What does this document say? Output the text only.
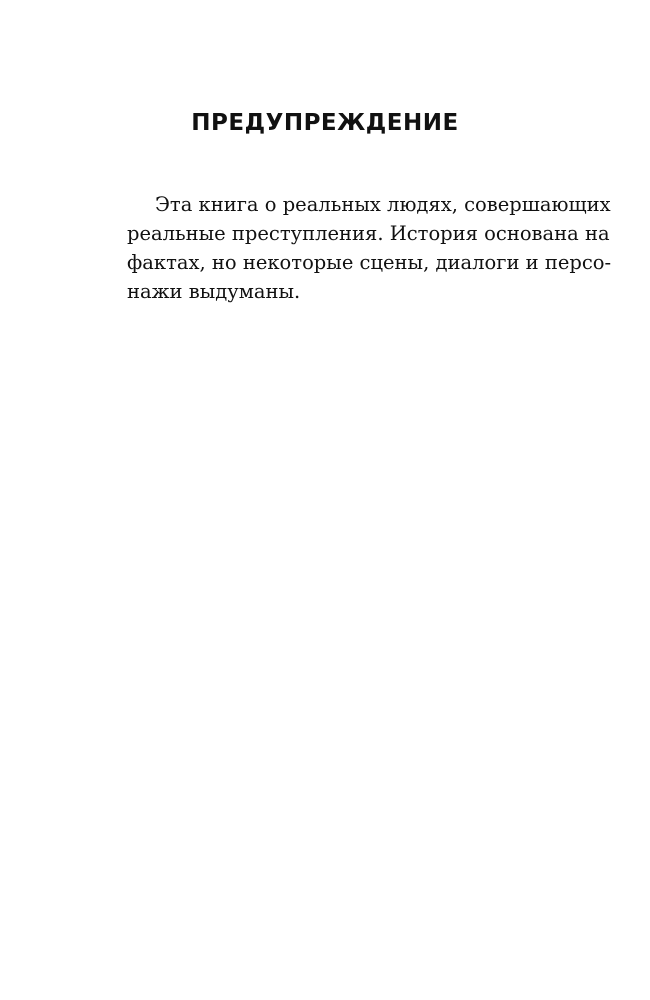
ПРЕДУПРЕЖДЕНИЕ
Эта книга о реальных людях, совершающих
реальные преступления. История основана на
фактах, но некоторые сцены, диалоги и персо-
нажи выдуманы.
